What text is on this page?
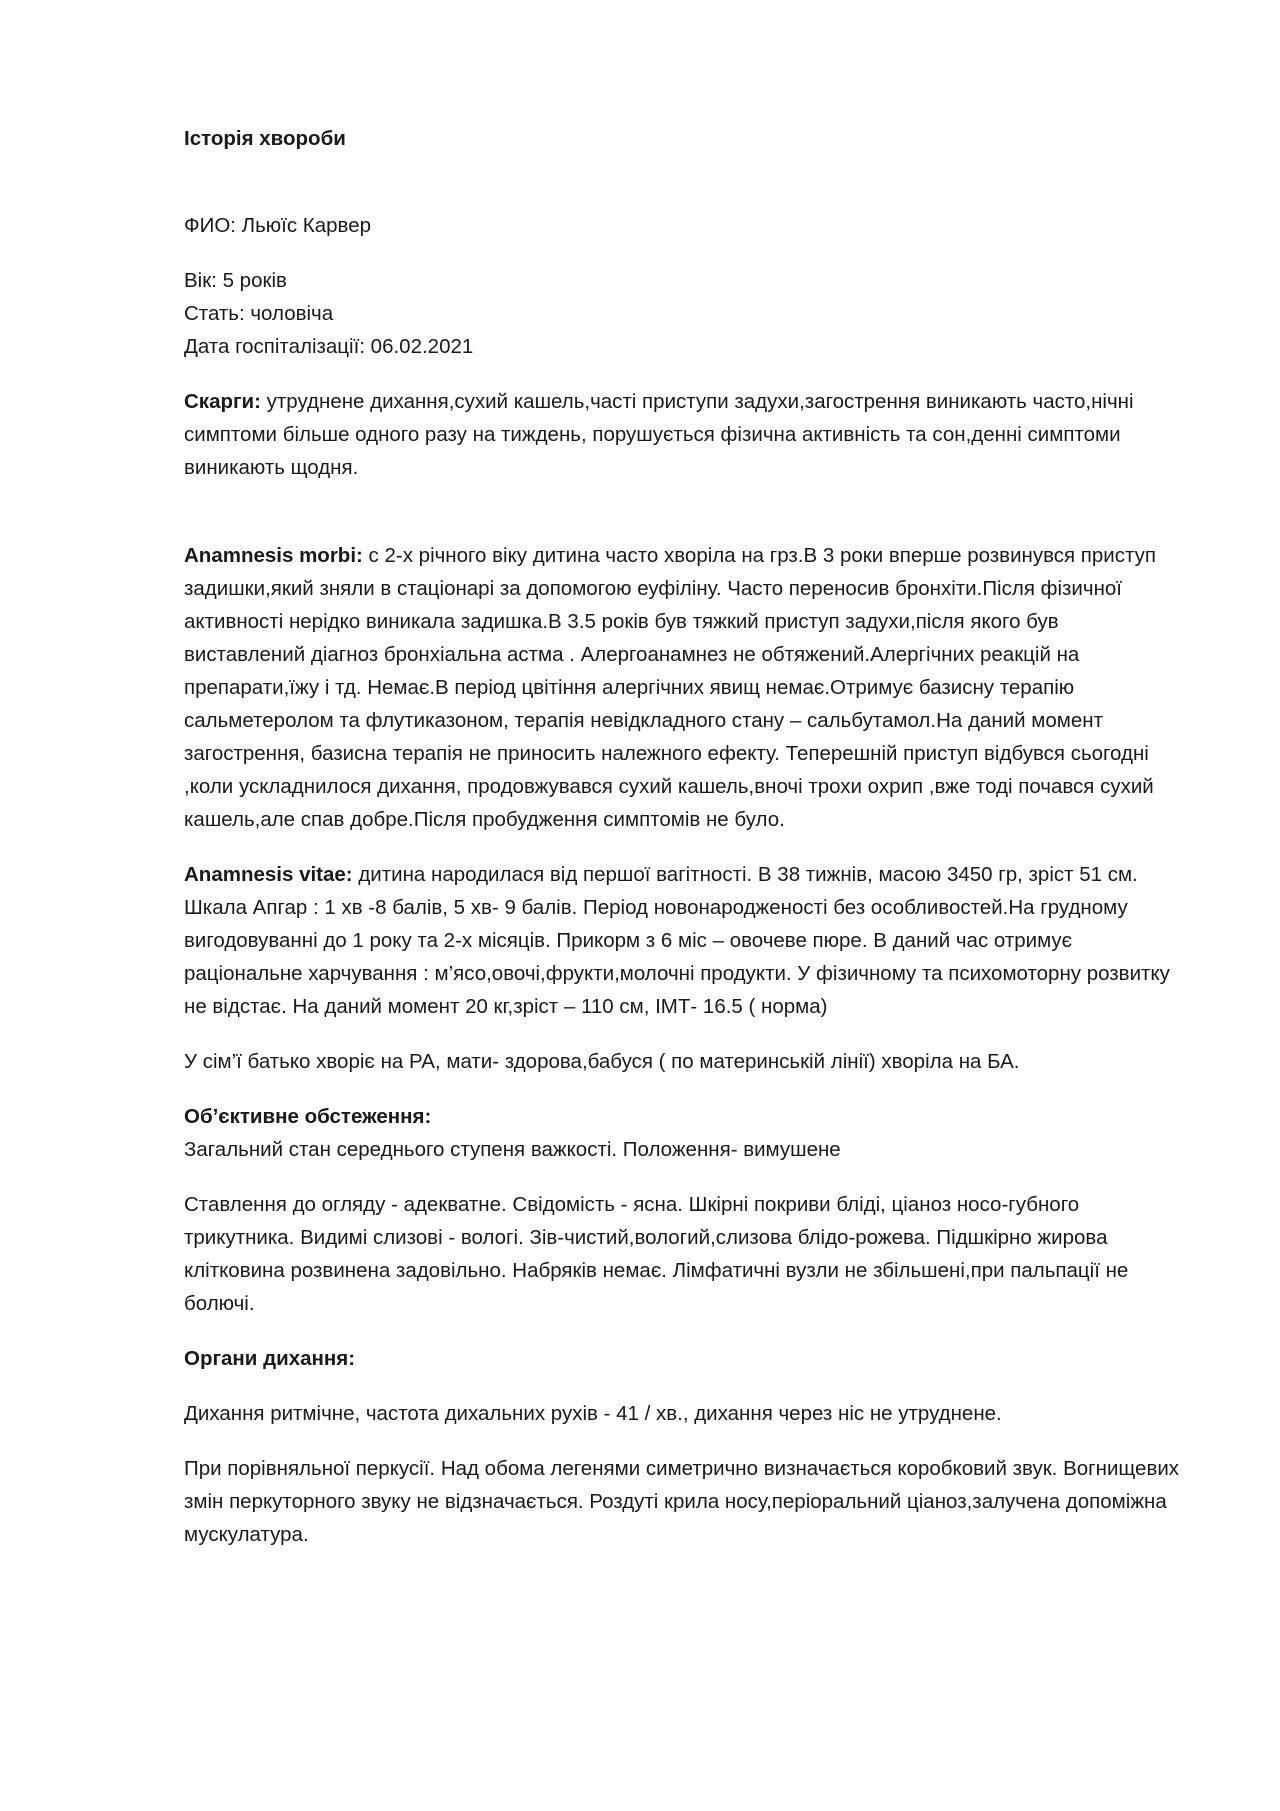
Історія хвороби

ФИО: Льюїс Карвер

Вік: 5 років

Стать: чоловіча

Дата госпіталізації: 06.02.2021

Скарги: утруднене дихання,сухий кашель,часті приступи задухи,загострення виникають часто,нічні симптоми більше одного разу на тиждень, порушується фізична активність та сон,денні симптоми виникають щодня.

Anamnesis morbi: с 2-х річного віку дитина часто хворіла на грз.В 3 роки вперше розвинувся приступ задишки,який зняли в стаціонарі за допомогою еуфіліну. Часто переносив бронхіти.Після фізичної активності нерідко виникала задишка.В 3.5 років був тяжкий приступ задухи,після якого був виставлений діагноз бронхіальна астма . Алергоанамнез не обтяжений.Алергічних реакцій на препарати,їжу і тд. Немає.В період цвітіння алергічних явищ немає.Отримує базисну терапію сальметеролом та флутиказоном, терапія невідкладного стану – сальбутамол.На даний момент загострення, базисна терапія не приносить належного ефекту. Теперешній приступ відбувся сьогодні ,коли ускладнилося дихання, продовжувався сухий кашель,вночі трохи охрип ,вже тоді почався сухий кашель,але спав добре.Після пробудження симптомів не було.

Anamnesis vitae: дитина народилася від першої вагітності. В 38 тижнів, масою 3450 гр, зріст 51 см. Шкала Апгар : 1 хв -8 балів, 5 хв- 9 балів. Період новонародженості без особливостей.На грудному вигодовуванні до 1 року та 2-х місяців. Прикорм з 6 міс – овочеве пюре. В даний час отримує раціональне харчування : м’ясо,овочі,фрукти,молочні продукти. У фізичному та психомоторну розвитку не відстає. На даний момент 20 кг,зріст – 110 см, ІМТ- 16.5 ( норма)

У сім’ї батько хворіє на РА, мати- здорова,бабуся ( по материнській лінії) хворіла на БА.

Об’єктивне обстеження:

Загальний стан середнього ступеня важкості. Положення- вимушене

Ставлення до огляду - адекватне. Свідомість - ясна. Шкірні покриви бліді, ціаноз носо-губного трикутника. Видимі слизові - вологі. Зів-чистий,вологий,слизова блідо-рожева. Підшкірно жирова клітковина розвинена задовільно. Набряків немає. Лімфатичні вузли не збільшені,при пальпації не болючі.

Органи дихання:

Дихання ритмічне, частота дихальних рухів - 41 / хв., дихання через ніс не утруднене.

При порівняльної перкусії. Над обома легенями симетрично визначається коробковий звук. Вогнищевих змін перкуторного звуку не відзначається. Роздуті крила носу,періоральний ціаноз,залучена допоміжна мускулатура.
